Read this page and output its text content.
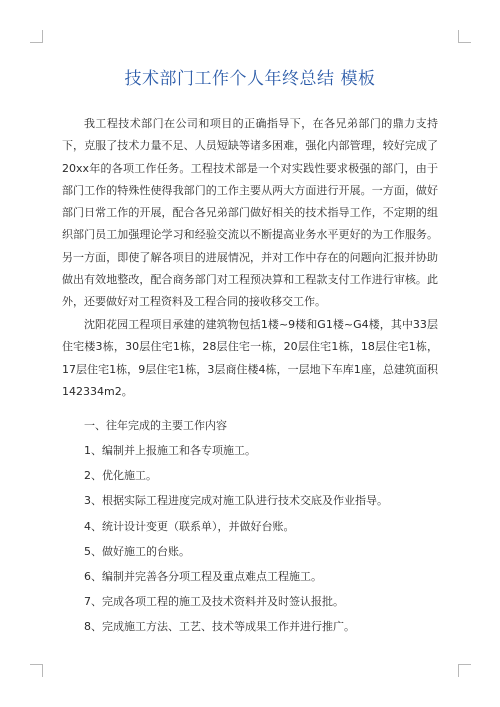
技术部门工作个人年终总结 模板

我工程技术部门在公司和项目的正确指导下，在各兄弟部门的鼎力支持下，克服了技术力量不足、人员短缺等诸多困难，强化内部管理，较好完成了20xx年的各项工作任务。工程技术部是一个对实践性要求极强的部门，由于部门工作的特殊性使得我部门的工作主要从两大方面进行开展。一方面，做好部门日常工作的开展，配合各兄弟部门做好相关的技术指导工作，不定期的组织部门员工加强理论学习和经验交流以不断提高业务水平更好的为工作服务。另一方面，即使了解各项目的进展情况，并对工作中存在的问题向汇报并协助做出有效地整改，配合商务部门对工程预决算和工程款支付工作进行审核。此外，还要做好对工程资料及工程合同的接收移交工作。

沈阳花园工程项目承建的建筑物包括1楼~9楼和G1楼~G4楼，其中33层住宅楼3栋，30层住宅1栋，28层住宅一栋，20层住宅1栋，18层住宅1栋，17层住宅1栋，9层住宅1栋，3层商住楼4栋，一层地下车库1座，总建筑面积142334m2。

一、往年完成的主要工作内容

1、编制并上报施工和各专项施工。

2、优化施工。

3、根据实际工程进度完成对施工队进行技术交底及作业指导。

4、统计设计变更（联系单），并做好台账。

5、做好施工的台账。

6、编制并完善各分项工程及重点难点工程施工。

7、完成各项工程的施工及技术资料并及时签认报批。

8、完成施工方法、工艺、技术等成果工作并进行推广。
